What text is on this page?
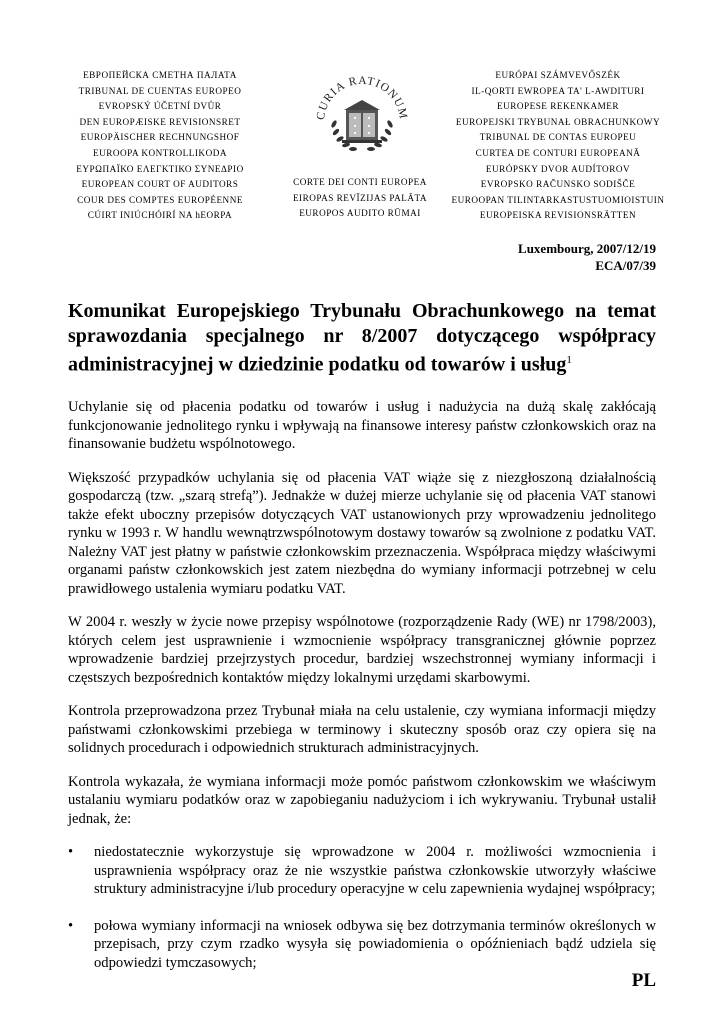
ЕВРОПЕЙСКА СМЕТНА ПАЛАТА
TRIBUNAL DE CUENTAS EUROPEO
EVROPSKÝ ÚČETNÍ DVŮR
DEN EUROPÆISKE REVISIONSRET
EUROPÄISCHER RECHNUNGSHOF
EUROOPA KONTROLLIKODA
ΕΥΡΩΠΑΪΚΟ ΕΛΕΓΚΤΙΚΟ ΣΥΝΕΔΡΙΟ
EUROPEAN COURT OF AUDITORS
COUR DES COMPTES EUROPÉENNE
CÚIRT INIÚCHÓIRÍ NA hEORPA
CURIA RATIONUM
CORTE DEI CONTI EUROPEA
EIROPAS REVĪZIJAS PALĀTA
EUROPOS AUDITO RŪMAI
EURÓPAI SZÁMVEVŐSZÉK
IL-QORTI EWROPEA TA' L-AWDITURI
EUROPESE REKENKAMER
EUROPEJSKI TRYBUNAŁ OBRACHUNKOWY
TRIBUNAL DE CONTAS EUROPEU
CURTEA DE CONTURI EUROPEANĂ
EURÓPSKY DVOR AUDÍTOROV
EVROPSKO RAČUNSKO SODIŠČE
EUROOPAN TILINTARKASTUSTUOMIOISTUIN
EUROPEISKA REVISIONSRÄTTEN
Luxembourg, 2007/12/19
ECA/07/39
Komunikat Europejskiego Trybunału Obrachunkowego na temat sprawozdania specjalnego nr 8/2007 dotyczącego współpracy administracyjnej w dziedzinie podatku od towarów i usług$^1$

Uchylanie się od płacenia podatku od towarów i usług i nadużycia na dużą skalę zakłócają funkcjonowanie jednolitego rynku i wpływają na finansowe interesy państw członkowskich oraz na finansowanie budżetu wspólnotowego.

Większość przypadków uchylania się od płacenia VAT wiąże się z niezgłoszoną działalnością gospodarczą (tzw. „szarą strefą”). Jednakże w dużej mierze uchylanie się od płacenia VAT stanowi także efekt uboczny przepisów dotyczących VAT ustanowionych przy wprowadzeniu jednolitego rynku w 1993 r. W handlu wewnątrzwspólnotowym dostawy towarów są zwolnione z podatku VAT. Należny VAT jest płatny w państwie członkowskim przeznaczenia. Współpraca między właściwymi organami państw członkowskich jest zatem niezbędna do wymiany informacji potrzebnej w celu prawidłowego ustalenia wymiaru podatku VAT.

W 2004 r. weszły w życie nowe przepisy wspólnotowe (rozporządzenie Rady (WE) nr 1798/2003), których celem jest usprawnienie i wzmocnienie współpracy transgranicznej głównie poprzez wprowadzenie bardziej przejrzystych procedur, bardziej wszechstronnej wymiany informacji i częstszych bezpośrednich kontaktów między lokalnymi urzędami skarbowymi.

Kontrola przeprowadzona przez Trybunał miała na celu ustalenie, czy wymiana informacji między państwami członkowskimi przebiega w terminowy i skuteczny sposób oraz czy opiera się na solidnych procedurach i odpowiednich strukturach administracyjnych.

Kontrola wykazała, że wymiana informacji może pomóc państwom członkowskim we właściwym ustalaniu wymiaru podatków oraz w zapobieganiu nadużyciom i ich wykrywaniu. Trybunał ustalił jednak, że:

• niedostatecznie wykorzystuje się wprowadzone w 2004 r. możliwości wzmocnienia i usprawnienia współpracy oraz że nie wszystkie państwa członkowskie utworzyły właściwe struktury administracyjne i/lub procedury operacyjne w celu zapewnienia wydajnej współpracy;
• połowa wymiany informacji na wniosek odbywa się bez dotrzymania terminów określonych w przepisach, przy czym rzadko wysyła się powiadomienia o opóźnieniach bądź udziela się odpowiedzi tymczasowych;
PL
